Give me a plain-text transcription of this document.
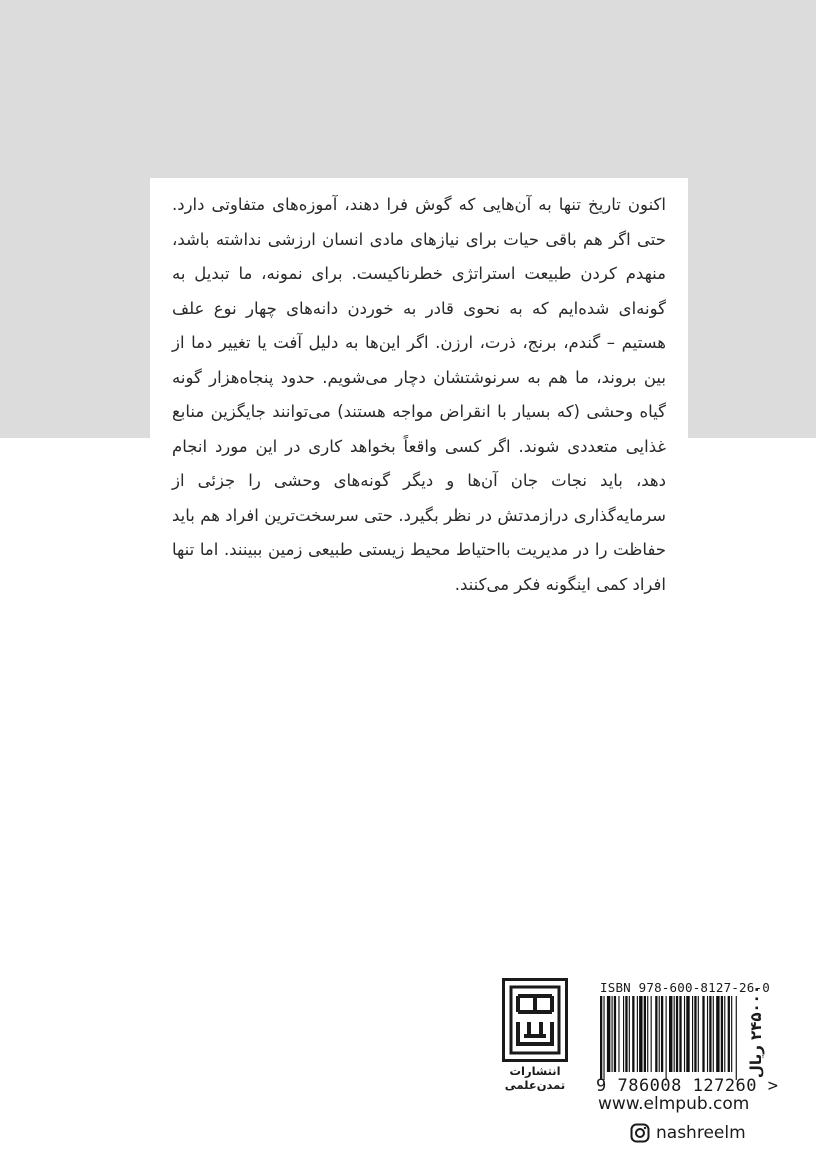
اکنون تاریخ تنها به آن‌هایی که گوش فرا دهند، آموزه‌های متفاوتی دارد. حتی اگر هم باقی حیات برای نیازهای مادی انسان ارزشی نداشته باشد، منهدم کردن طبیعت استراتژی خطرناکیست. برای نمونه، ما تبدیل به گونه‌ای شده‌ایم که به نحوی قادر به خوردن دانه‌های چهار نوع علف هستیم – گندم، برنج، ذرت، ارزن. اگر این‌ها به دلیل آفت یا تغییر دما از بین بروند، ما هم به سرنوشتشان دچار می‌شویم. حدود پنجاه‌هزار گونه گیاه وحشی (که بسیار با انقراض مواجه هستند) می‌توانند جایگزین منابع غذایی متعددی شوند. اگر کسی واقعاً بخواهد کاری در این مورد انجام دهد، باید نجات جان آن‌ها و دیگر گونه‌های وحشی را جزئی از سرمایه‌گذاری درازمدتش در نظر بگیرد. حتی سرسخت‌ترین افراد هم باید حفاظت را در مدیریت بااحتیاط محیط زیستی طبیعی زمین ببینند. اما تنها افراد کمی اینگونه فکر می‌کنند.

انتشارات
تمدن‌علمی
ISBN 978-600-8127-26-0
9 786008 127260 >
۲۴۵۰۰۰ ریال
www.elmpub.com
nashreelm
